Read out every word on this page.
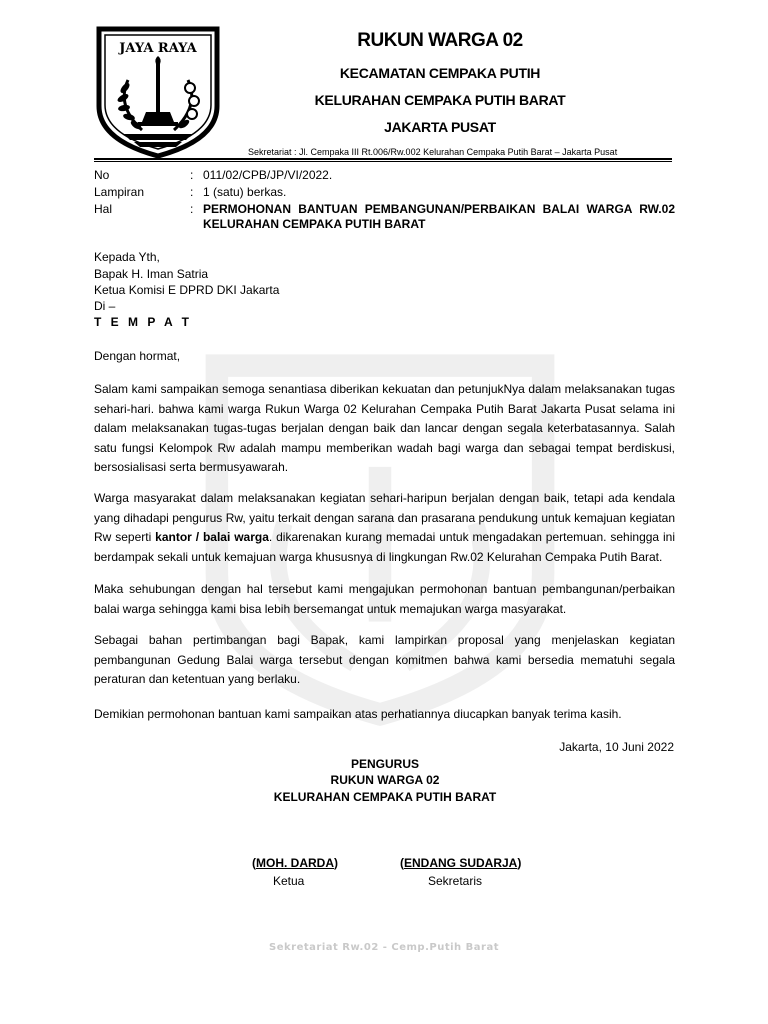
JAYA RAYA	RUKUN WARGA 02
KECAMATAN CEMPAKA PUTIH
KELURAHAN CEMPAKA PUTIH BARAT
JAKARTA PUSAT
Sekretariat : Jl. Cempaka III Rt.006/Rw.002 Kelurahan Cempaka Putih Barat – Jakarta Pusat
No	: 011/02/CPB/JP/VI/2022.
Lampiran	: 1 (satu) berkas.
Hal	: PERMOHONAN BANTUAN PEMBANGUNAN/PERBAIKAN BALAI WARGA RW.02 KELURAHAN CEMPAKA PUTIH BARAT
Kepada Yth,
Bapak H. Iman Satria
Ketua Komisi E DPRD DKI Jakarta
Di –
T E M P A T
Dengan hormat,

Salam kami sampaikan semoga senantiasa diberikan kekuatan dan petunjukNya dalam melaksanakan tugas sehari-hari. bahwa kami warga Rukun Warga 02 Kelurahan Cempaka Putih Barat Jakarta Pusat selama ini dalam melaksanakan tugas-tugas berjalan dengan baik dan lancar dengan segala keterbatasannya. Salah satu fungsi Kelompok Rw adalah mampu memberikan wadah bagi warga dan sebagai tempat berdiskusi, bersosialisasi serta bermusyawarah.

Warga masyarakat dalam melaksanakan kegiatan sehari-haripun berjalan dengan baik, tetapi ada kendala yang dihadapi pengurus Rw, yaitu terkait dengan sarana dan prasarana pendukung untuk kemajuan kegiatan Rw seperti kantor / balai warga. dikarenakan kurang memadai untuk mengadakan pertemuan. sehingga ini berdampak sekali untuk kemajuan warga khususnya di lingkungan Rw.02 Kelurahan Cempaka Putih Barat.

Maka sehubungan dengan hal tersebut kami mengajukan permohonan bantuan pembangunan/perbaikan balai warga sehingga kami bisa lebih bersemangat untuk memajukan warga masyarakat.

Sebagai bahan pertimbangan bagi Bapak, kami lampirkan proposal yang menjelaskan kegiatan pembangunan Gedung Balai warga tersebut dengan komitmen bahwa kami bersedia mematuhi segala peraturan dan ketentuan yang berlaku.

Demikian permohonan bantuan kami sampaikan atas perhatiannya diucapkan banyak terima kasih.

Jakarta, 10 Juni 2022
PENGURUS
RUKUN WARGA 02
KELURAHAN CEMPAKA PUTIH BARAT
(MOH. DARDA)
Ketua
(ENDANG SUDARJA)
Sekretaris
Sekretariat Rw.02 - Cemp.Putih Barat
